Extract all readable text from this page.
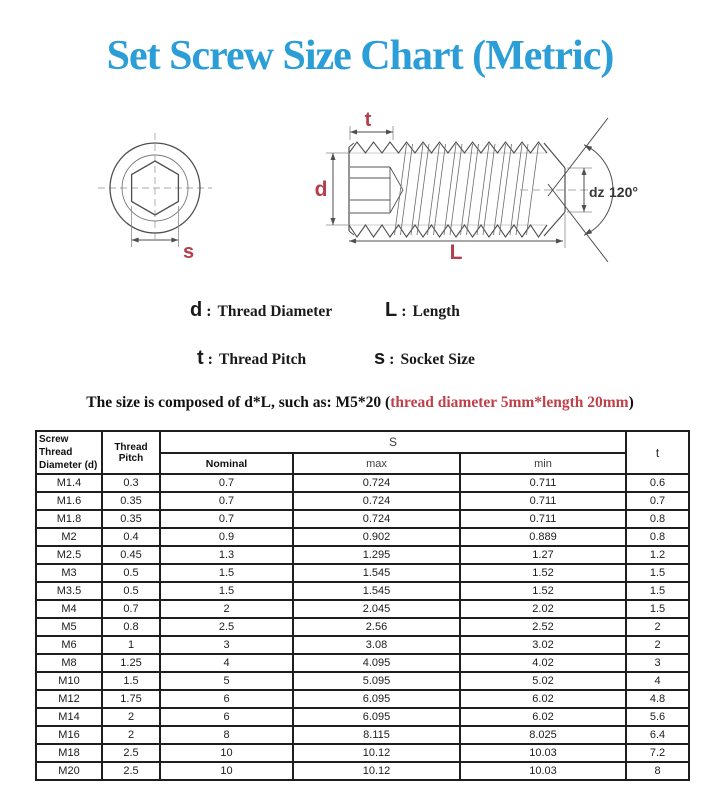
Set Screw Size Chart (Metric)
s
t
d
L
dz 120°
d : Thread Diameter	L : Length
t : Thread Pitch	s : Socket Size
The size is composed of d*L, such as: M5*20 (thread diameter 5mm*length 20mm)
Screw Thread Diameter (d)	Thread Pitch	S			t
		Nominal	max	min	
M1.4	0.3	0.7	0.724	0.711	0.6
M1.6	0.35	0.7	0.724	0.711	0.7
M1.8	0.35	0.7	0.724	0.711	0.8
M2	0.4	0.9	0.902	0.889	0.8
M2.5	0.45	1.3	1.295	1.27	1.2
M3	0.5	1.5	1.545	1.52	1.5
M3.5	0.5	1.5	1.545	1.52	1.5
M4	0.7	2	2.045	2.02	1.5
M5	0.8	2.5	2.56	2.52	2
M6	1	3	3.08	3.02	2
M8	1.25	4	4.095	4.02	3
M10	1.5	5	5.095	5.02	4
M12	1.75	6	6.095	6.02	4.8
M14	2	6	6.095	6.02	5.6
M16	2	8	8.115	8.025	6.4
M18	2.5	10	10.12	10.03	7.2
M20	2.5	10	10.12	10.03	8
